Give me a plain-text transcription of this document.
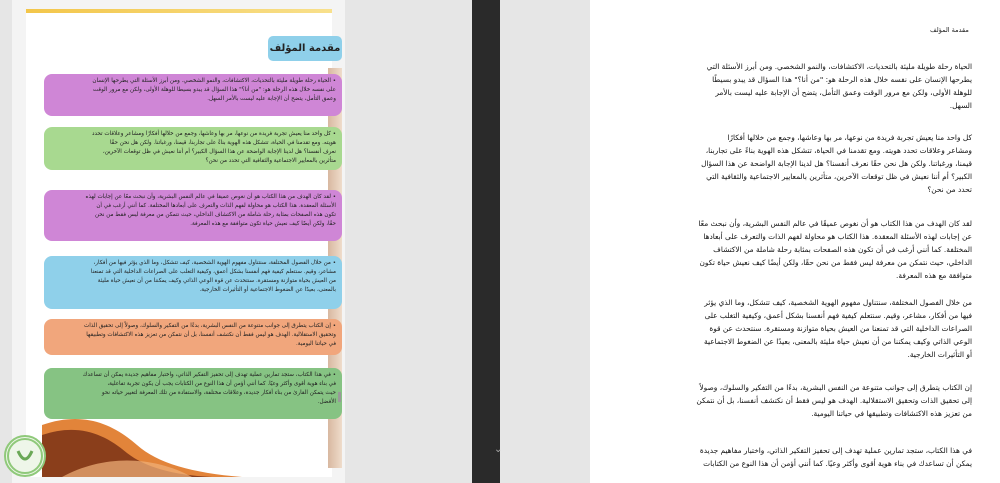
مقدمة المؤلف
• الحياة رحلة طويلة مليئة بالتحديات، الاكتشافات، والنمو الشخصي. ومن أبرز الأسئلة التي يطرحها الإنسان
على نفسه خلال هذه الرحلة هو: "من أنا؟" هذا السؤال قد يبدو بسيطا للوهلة الأولى، ولكن مع مرور الوقت
وعمق التأمل، يتضح أن الإجابة عليه ليست بالأمر السهل.
• كل واحد منا يعيش تجربة فريدة من نوعها، مر بها وعاشها، وجمع من خلالها أفكارًا ومشاعر وعلاقات تحدد
هويته. ومع تقدمنا في الحياة، تتشكل هذه الهوية بناءً على تجاربنا، قيمنا، ورغباتنا. ولكن هل نحن حقًا
نعرف أنفسنا؟ هل لدينا الإجابة الواضحة عن هذا السؤال الكبير؟ أم أننا نعيش في ظل توقعات الآخرين،
متأثرين بالمعايير الاجتماعية والثقافية التي تحدد من نحن؟
• لقد كان الهدف من هذا الكتاب هو أن نغوص عميقا في عالم النفس البشرية، وأن نبحث معًا عن إجابات لهذه
الأسئلة المعقدة. هذا الكتاب هو محاولة لفهم الذات والتعرف على أبعادها المختلفة. كما أنني أرغب في أن
تكون هذه الصفحات بمثابة رحلة شاملة من الاكتشاف الداخلي، حيث نتمكن من معرفة ليس فقط من نحن
حقًا، ولكن أيضًا كيف نعيش حياة تكون متوافقة مع هذه المعرفة.
• من خلال الفصول المختلفة، سنتناول مفهوم الهوية الشخصية، كيف تتشكل، وما الذي يؤثر فيها من أفكار،
مشاعر، وقيم. سنتعلم كيفية فهم أنفسنا بشكل أعمق، وكيفية التغلب على الصراعات الداخلية التي قد تمنعنا
من العيش بحياة متوازنة ومستقرة. سنتحدث عن قوة الوعي الذاتي وكيف يمكننا من أن نعيش حياة مليئة
بالمعنى، بعيدًا عن الضغوط الاجتماعية أو التأثيرات الخارجية.
• إن الكتاب يتطرق إلى جوانب متنوعة من النفس البشرية، بدءًا من التفكير والسلوك، وصولاً إلى تحقيق الذات
وتحقيق الاستقلالية. الهدف هو ليس فقط أن نكتشف أنفسنا، بل أن نتمكن من تعزيز هذه الاكتشافات وتطبيقها
في حياتنا اليومية.
• في هذا الكتاب، ستجد تمارين عملية تهدف إلى تحفيز التفكير الذاتي، واختبار مفاهيم جديدة يمكن أن تساعدك
في بناء هوية أقوى وأكثر وعيًا. كما أنني أؤمن أن هذا النوع من الكتابات يجب أن يكون تجربة تفاعلية،
حيث يتمكن القارئ من بناء أفكار جديدة، وعلاقات مختلفة، والاستفادة من تلك المعرفة لتغيير حياته نحو
الأفضل.
⌄
مقدمة المؤلف
الحياة رحلة طويلة مليئة بالتحديات، الاكتشافات، والنمو الشخصي. ومن أبرز الأسئلة التي
يطرحها الإنسان على نفسه خلال هذه الرحلة هو: "من أنا؟" هذا السؤال قد يبدو بسيطًا
للوهلة الأولى، ولكن مع مرور الوقت وعمق التأمل، يتضح أن الإجابة عليه ليست بالأمر
السهل.
كل واحد منا يعيش تجربة فريدة من نوعها، مر بها وعاشها، وجمع من خلالها أفكارًا
ومشاعر وعلاقات تحدد هويته. ومع تقدمنا في الحياة، تتشكل هذه الهوية بناءً على تجاربنا،
قيمنا، ورغباتنا. ولكن هل نحن حقًا نعرف أنفسنا؟ هل لدينا الإجابة الواضحة عن هذا السؤال
الكبير؟ أم أننا نعيش في ظل توقعات الآخرين، متأثرين بالمعايير الاجتماعية والثقافية التي
تحدد من نحن؟
لقد كان الهدف من هذا الكتاب هو أن نغوص عميقًا في عالم النفس البشرية، وأن نبحث معًا
عن إجابات لهذه الأسئلة المعقدة. هذا الكتاب هو محاولة لفهم الذات والتعرف على أبعادها
المختلفة. كما أنني أرغب في أن تكون هذه الصفحات بمثابة رحلة شاملة من الاكتشاف
الداخلي، حيث نتمكن من معرفة ليس فقط من نحن حقًا، ولكن أيضًا كيف نعيش حياة تكون
متوافقة مع هذه المعرفة.
من خلال الفصول المختلفة، سنتناول مفهوم الهوية الشخصية، كيف تتشكل، وما الذي يؤثر
فيها من أفكار، مشاعر، وقيم. سنتعلم كيفية فهم أنفسنا بشكل أعمق، وكيفية التغلب على
الصراعات الداخلية التي قد تمنعنا من العيش بحياة متوازنة ومستقرة. سنتحدث عن قوة
الوعي الذاتي وكيف يمكننا من أن نعيش حياة مليئة بالمعنى، بعيدًا عن الضغوط الاجتماعية
أو التأثيرات الخارجية.
إن الكتاب يتطرق إلى جوانب متنوعة من النفس البشرية، بدءًا من التفكير والسلوك، وصولاً
إلى تحقيق الذات وتحقيق الاستقلالية. الهدف هو ليس فقط أن نكتشف أنفسنا، بل أن نتمكن
من تعزيز هذه الاكتشافات وتطبيقها في حياتنا اليومية.
في هذا الكتاب، ستجد تمارين عملية تهدف إلى تحفيز التفكير الذاتي، واختبار مفاهيم جديدة
يمكن أن تساعدك في بناء هوية أقوى وأكثر وعيًا. كما أنني أؤمن أن هذا النوع من الكتابات
